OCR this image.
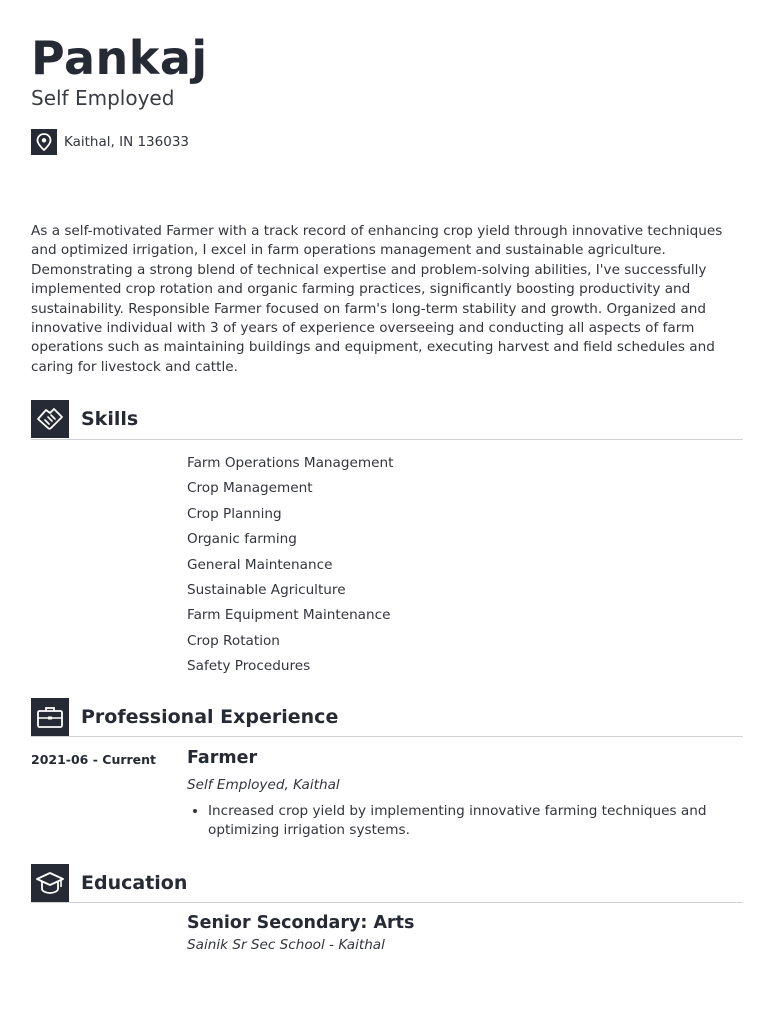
Pankaj
Self Employed
Kaithal, IN 136033

As a self-motivated Farmer with a track record of enhancing crop yield through innovative techniques and optimized irrigation, I excel in farm operations management and sustainable agriculture. Demonstrating a strong blend of technical expertise and problem-solving abilities, I've successfully implemented crop rotation and organic farming practices, significantly boosting productivity and sustainability. Responsible Farmer focused on farm's long-term stability and growth. Organized and innovative individual with 3 of years of experience overseeing and conducting all aspects of farm operations such as maintaining buildings and equipment, executing harvest and field schedules and caring for livestock and cattle.

Skills
Farm Operations Management
Crop Management
Crop Planning
Organic farming
General Maintenance
Sustainable Agriculture
Farm Equipment Maintenance
Crop Rotation
Safety Procedures
Professional Experience
2021-06 - Current Farmer
Self Employed, Kaithal
• Increased crop yield by implementing innovative farming techniques and optimizing irrigation systems.
Education
Senior Secondary: Arts
Sainik Sr Sec School - Kaithal
